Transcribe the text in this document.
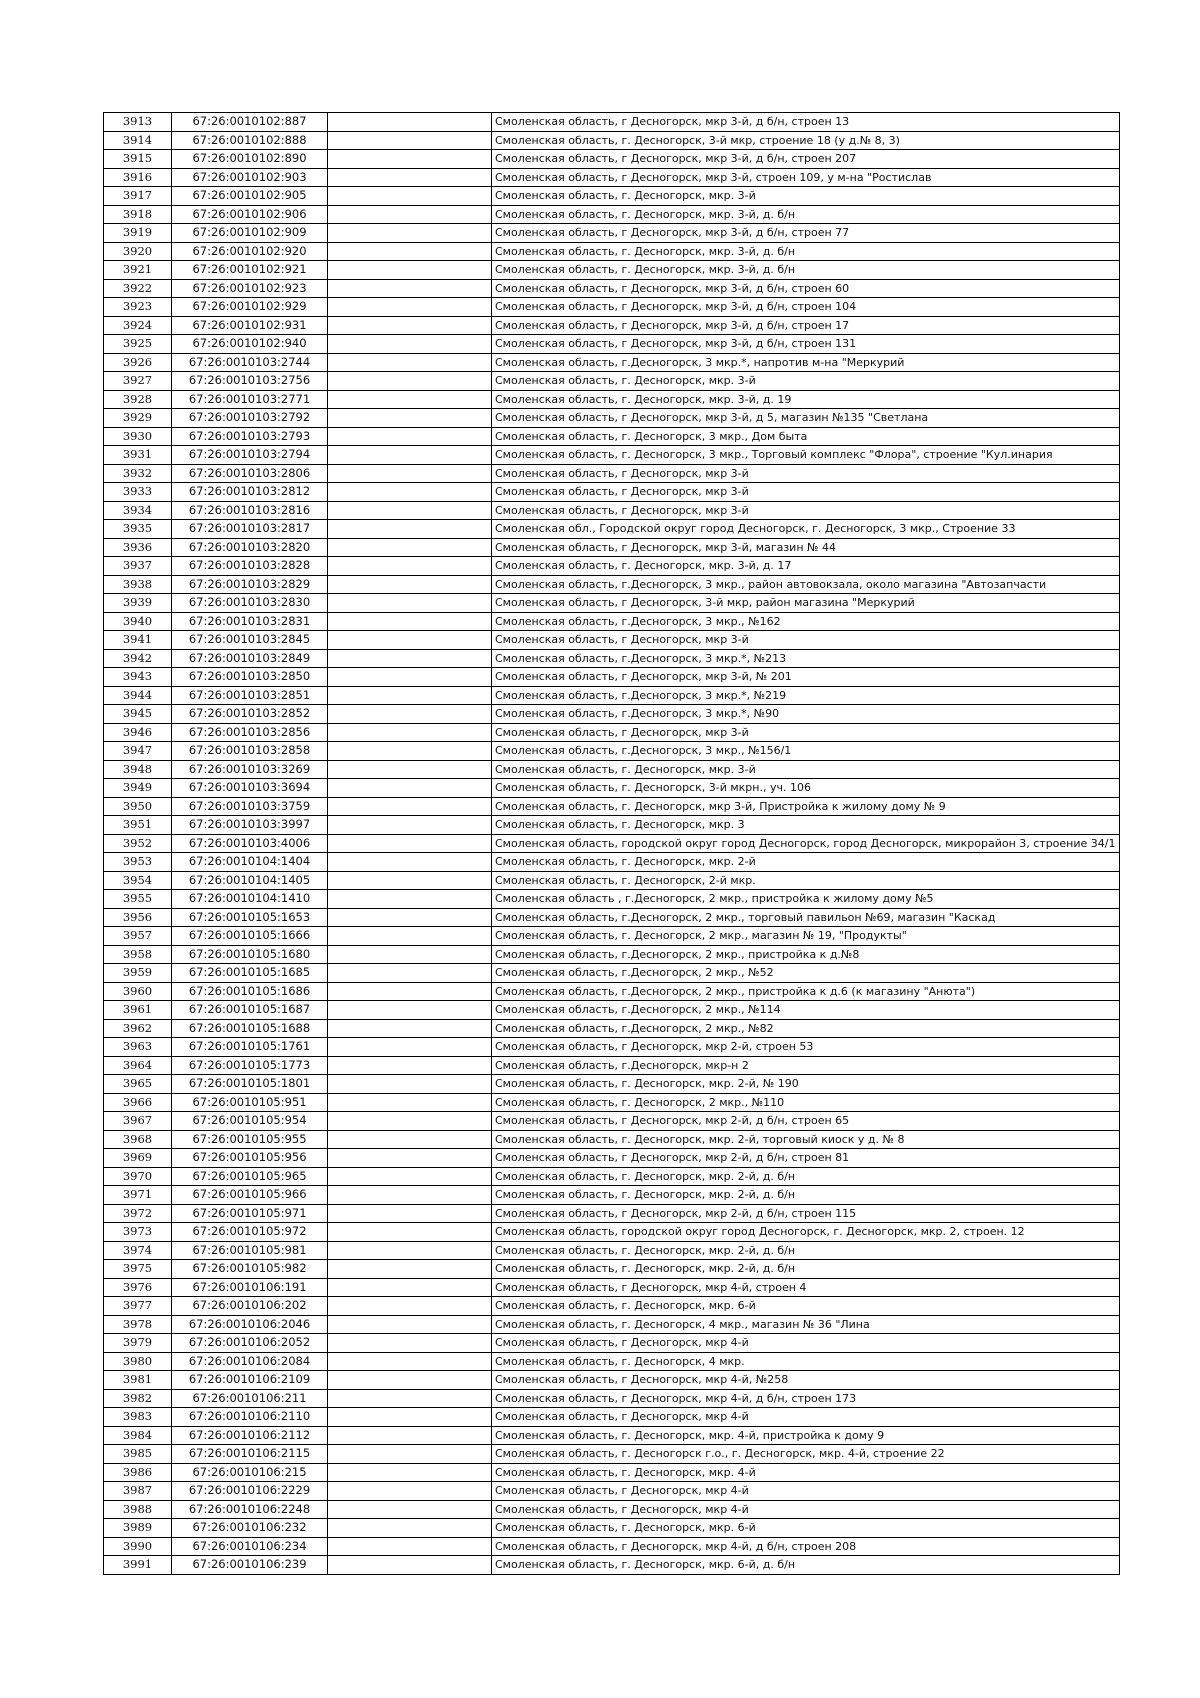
3913	67:26:0010102:887		Смоленская область, г Десногорск, мкр 3-й, д б/н, строен 13
3914	67:26:0010102:888		Смоленская область, г. Десногорск, 3-й мкр, строение 18 (у д.№ 8, 3)
3915	67:26:0010102:890		Смоленская область, г Десногорск, мкр 3-й, д б/н, строен 207
3916	67:26:0010102:903		Смоленская область, г Десногорск, мкр 3-й, строен 109, у м-на "Ростислав
3917	67:26:0010102:905		Смоленская область, г. Десногорск, мкр. 3-й
3918	67:26:0010102:906		Смоленская область, г. Десногорск, мкр. 3-й, д. б/н
3919	67:26:0010102:909		Смоленская область, г Десногорск, мкр 3-й, д б/н, строен 77
3920	67:26:0010102:920		Смоленская область, г. Десногорск, мкр. 3-й, д. б/н
3921	67:26:0010102:921		Смоленская область, г. Десногорск, мкр. 3-й, д. б/н
3922	67:26:0010102:923		Смоленская область, г Десногорск, мкр 3-й, д б/н, строен 60
3923	67:26:0010102:929		Смоленская область, г Десногорск, мкр 3-й, д б/н, строен 104
3924	67:26:0010102:931		Смоленская область, г Десногорск, мкр 3-й, д б/н, строен 17
3925	67:26:0010102:940		Смоленская область, г Десногорск, мкр 3-й, д б/н, строен 131
3926	67:26:0010103:2744		Смоленская область, г.Десногорск, 3 мкр.*, напротив м-на "Меркурий
3927	67:26:0010103:2756		Смоленская область, г. Десногорск, мкр. 3-й
3928	67:26:0010103:2771		Смоленская область, г. Десногорск, мкр. 3-й, д. 19
3929	67:26:0010103:2792		Смоленская область, г Десногорск, мкр 3-й, д 5, магазин №135 "Светлана
3930	67:26:0010103:2793		Смоленская область, г. Десногорск, 3 мкр., Дом быта
3931	67:26:0010103:2794		Смоленская область, г. Десногорск, 3 мкр., Торговый комплекс "Флора", строение "Кул.инария
3932	67:26:0010103:2806		Смоленская область, г Десногорск, мкр 3-й
3933	67:26:0010103:2812		Смоленская область, г Десногорск, мкр 3-й
3934	67:26:0010103:2816		Смоленская область, г Десногорск, мкр 3-й
3935	67:26:0010103:2817		Смоленская обл., Городской округ город Десногорск, г. Десногорск, 3 мкр., Строение 33
3936	67:26:0010103:2820		Смоленская область, г Десногорск, мкр 3-й, магазин № 44
3937	67:26:0010103:2828		Смоленская область, г. Десногорск, мкр. 3-й, д. 17
3938	67:26:0010103:2829		Смоленская область, г.Десногорск, 3 мкр., район автовокзала, около магазина "Автозапчасти
3939	67:26:0010103:2830		Смоленская область, г Десногорск, 3-й мкр, район магазина "Меркурий
3940	67:26:0010103:2831		Смоленская область, г.Десногорск, 3 мкр., №162
3941	67:26:0010103:2845		Смоленская область, г Десногорск, мкр 3-й
3942	67:26:0010103:2849		Смоленская область, г.Десногорск, 3 мкр.*, №213
3943	67:26:0010103:2850		Смоленская область, г Десногорск, мкр 3-й, № 201
3944	67:26:0010103:2851		Смоленская область, г.Десногорск, 3 мкр.*, №219
3945	67:26:0010103:2852		Смоленская область, г.Десногорск, 3 мкр.*, №90
3946	67:26:0010103:2856		Смоленская область, г Десногорск, мкр 3-й
3947	67:26:0010103:2858		Смоленская область, г.Десногорск, 3 мкр., №156/1
3948	67:26:0010103:3269		Смоленская область, г. Десногорск, мкр. 3-й
3949	67:26:0010103:3694		Смоленская область, г. Десногорск, 3-й мкрн., уч. 106
3950	67:26:0010103:3759		Смоленская область, г. Десногорск, мкр 3-й, Пристройка к жилому дому № 9
3951	67:26:0010103:3997		Смоленская область, г. Десногорск, мкр. 3
3952	67:26:0010103:4006		Смоленская область, городской округ город Десногорск, город Десногорск, микрорайон 3, строение 34/1
3953	67:26:0010104:1404		Смоленская область, г. Десногорск, мкр. 2-й
3954	67:26:0010104:1405		Смоленская область, г. Десногорск, 2-й мкр.
3955	67:26:0010104:1410		Смоленская область , г.Десногорск, 2 мкр., пристройка к жилому дому №5
3956	67:26:0010105:1653		Смоленская область, г.Десногорск, 2 мкр., торговый павильон №69, магазин "Каскад
3957	67:26:0010105:1666		Смоленская область, г. Десногорск, 2 мкр., магазин № 19, "Продукты"
3958	67:26:0010105:1680		Смоленская область, г.Десногорск, 2 мкр., пристройка к д.№8
3959	67:26:0010105:1685		Смоленская область, г.Десногорск, 2 мкр., №52
3960	67:26:0010105:1686		Смоленская область, г.Десногорск, 2 мкр., пристройка к д.6 (к магазину "Анюта")
3961	67:26:0010105:1687		Смоленская область, г.Десногорск, 2 мкр., №114
3962	67:26:0010105:1688		Смоленская область, г.Десногорск, 2 мкр., №82
3963	67:26:0010105:1761		Смоленская область, г Десногорск, мкр 2-й, строен 53
3964	67:26:0010105:1773		Смоленская область, г.Десногорск, мкр-н 2
3965	67:26:0010105:1801		Смоленская область, г. Десногорск, мкр. 2-й, № 190
3966	67:26:0010105:951		Смоленская область, г. Десногорск, 2 мкр., №110
3967	67:26:0010105:954		Смоленская область, г Десногорск, мкр 2-й, д б/н, строен 65
3968	67:26:0010105:955		Смоленская область, г. Десногорск, мкр. 2-й, торговый киоск у д. № 8
3969	67:26:0010105:956		Смоленская область, г Десногорск, мкр 2-й, д б/н, строен 81
3970	67:26:0010105:965		Смоленская область, г. Десногорск, мкр. 2-й, д. б/н
3971	67:26:0010105:966		Смоленская область, г. Десногорск, мкр. 2-й, д. б/н
3972	67:26:0010105:971		Смоленская область, г Десногорск, мкр 2-й, д б/н, строен 115
3973	67:26:0010105:972		Смоленская область, городской округ город Десногорск, г. Десногорск, мкр. 2, строен. 12
3974	67:26:0010105:981		Смоленская область, г. Десногорск, мкр. 2-й, д. б/н
3975	67:26:0010105:982		Смоленская область, г. Десногорск, мкр. 2-й, д. б/н
3976	67:26:0010106:191		Смоленская область, г Десногорск, мкр 4-й, строен 4
3977	67:26:0010106:202		Смоленская область, г. Десногорск, мкр. 6-й
3978	67:26:0010106:2046		Смоленская область, г. Десногорск, 4 мкр., магазин № 36 "Лина
3979	67:26:0010106:2052		Смоленская область, г Десногорск, мкр 4-й
3980	67:26:0010106:2084		Смоленская область, г. Десногорск, 4 мкр.
3981	67:26:0010106:2109		Смоленская область, г Десногорск, мкр 4-й, №258
3982	67:26:0010106:211		Смоленская область, г Десногорск, мкр 4-й, д б/н, строен 173
3983	67:26:0010106:2110		Смоленская область, г Десногорск, мкр 4-й
3984	67:26:0010106:2112		Смоленская область, г. Десногорск, мкр. 4-й, пристройка к дому 9
3985	67:26:0010106:2115		Смоленская область, г. Десногорск г.о., г. Десногорск, мкр. 4-й, строение 22
3986	67:26:0010106:215		Смоленская область, г. Десногорск, мкр. 4-й
3987	67:26:0010106:2229		Смоленская область, г Десногорск, мкр 4-й
3988	67:26:0010106:2248		Смоленская область, г Десногорск, мкр 4-й
3989	67:26:0010106:232		Смоленская область, г. Десногорск, мкр. 6-й
3990	67:26:0010106:234		Смоленская область, г Десногорск, мкр 4-й, д б/н, строен 208
3991	67:26:0010106:239		Смоленская область, г. Десногорск, мкр. 6-й, д. б/н
